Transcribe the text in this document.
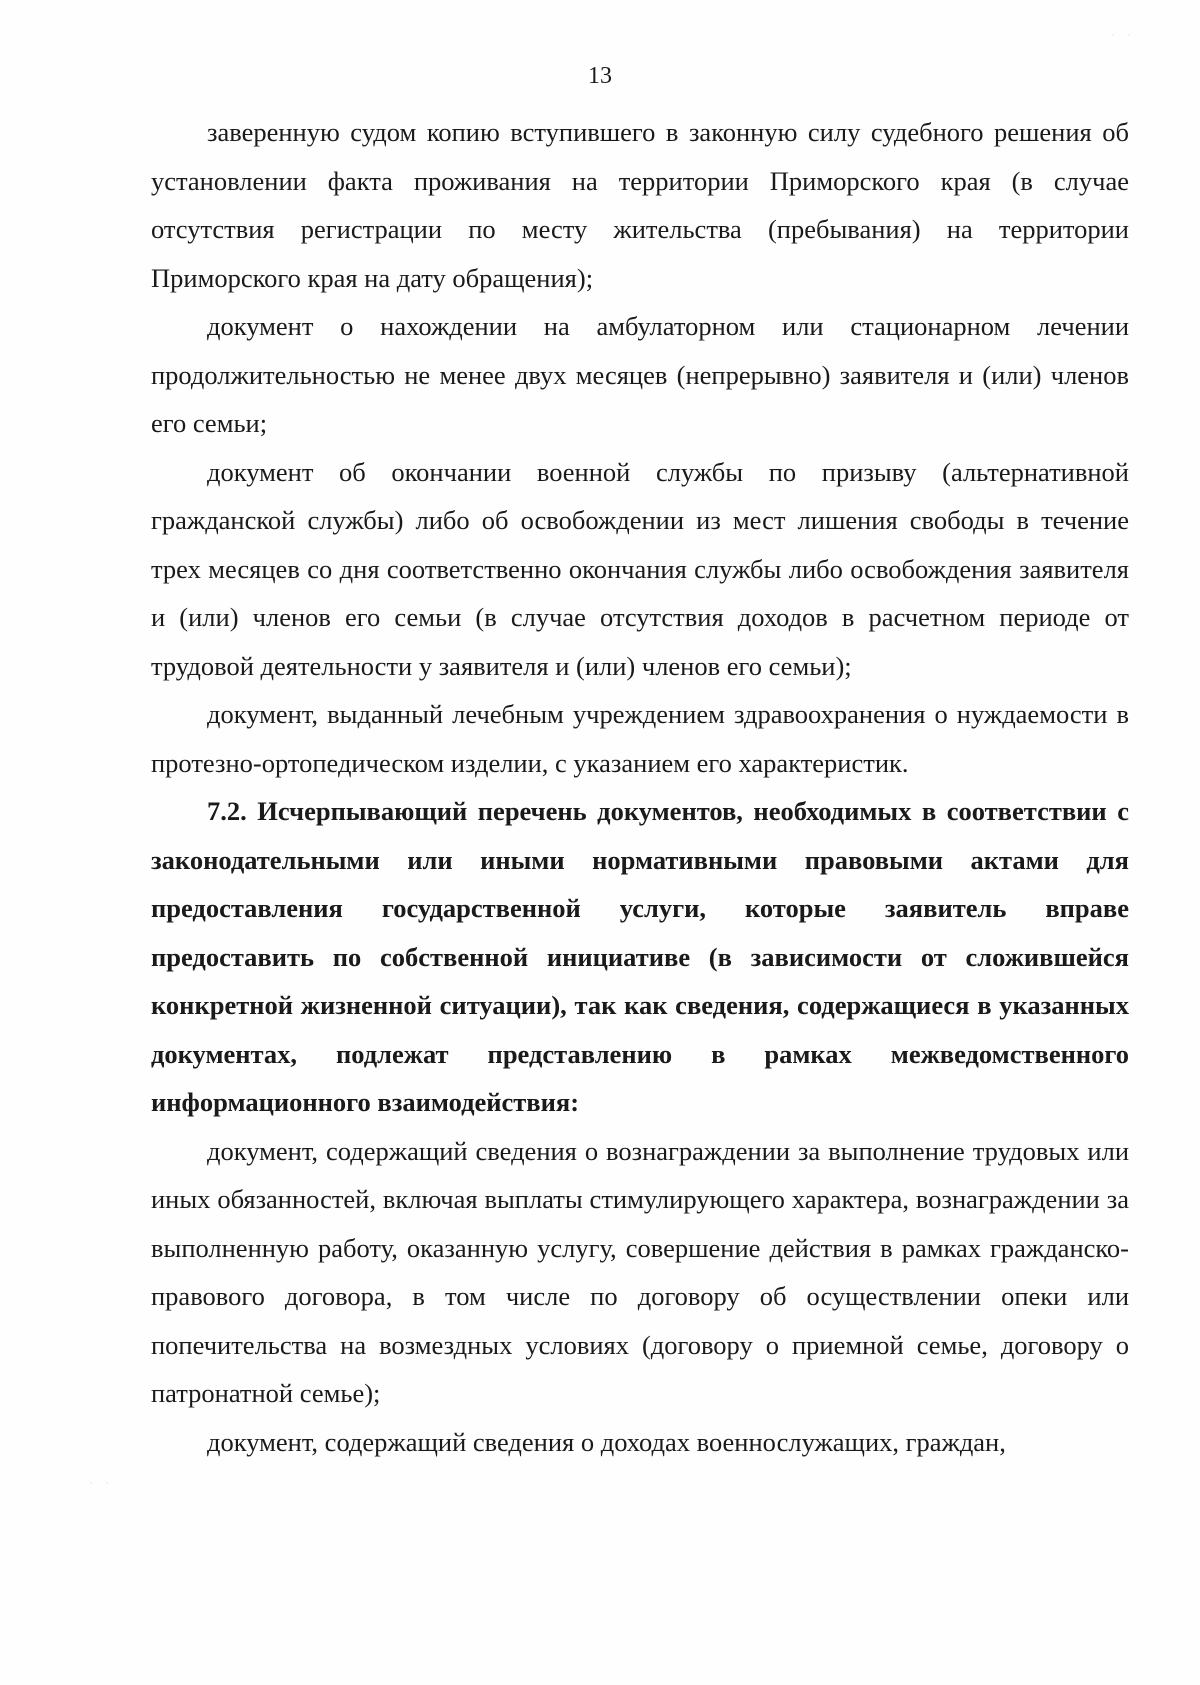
13

заверенную судом копию вступившего в законную силу судебного решения об установлении факта проживания на территории Приморского края (в случае отсутствия регистрации по месту жительства (пребывания) на территории Приморского края на дату обращения);

документ о нахождении на амбулаторном или стационарном лечении продолжительностью не менее двух месяцев (непрерывно) заявителя и (или) членов его семьи;

документ об окончании военной службы по призыву (альтернативной гражданской службы) либо об освобождении из мест лишения свободы в течение трех месяцев со дня соответственно окончания службы либо освобождения заявителя и (или) членов его семьи (в случае отсутствия доходов в расчетном периоде от трудовой деятельности у заявителя и (или) членов его семьи);

документ, выданный лечебным учреждением здравоохранения о нуждаемости в протезно-ортопедическом изделии, с указанием его характеристик.

7.2. Исчерпывающий перечень документов, необходимых в соответствии с законодательными или иными нормативными правовыми актами для предоставления государственной услуги, которые заявитель вправе предоставить по собственной инициативе (в зависимости от сложившейся конкретной жизненной ситуации), так как сведения, содержащиеся в указанных документах, подлежат представлению в рамках межведомственного информационного взаимодействия:

документ, содержащий сведения о вознаграждении за выполнение трудовых или иных обязанностей, включая выплаты стимулирующего характера, вознаграждении за выполненную работу, оказанную услугу, совершение действия в рамках гражданско-правового договора, в том числе по договору об осуществлении опеки или попечительства на возмездных условиях (договору о приемной семье, договору о патронатной семье);

документ, содержащий сведения о доходах военнослужащих, граждан,

· ·
· ·
